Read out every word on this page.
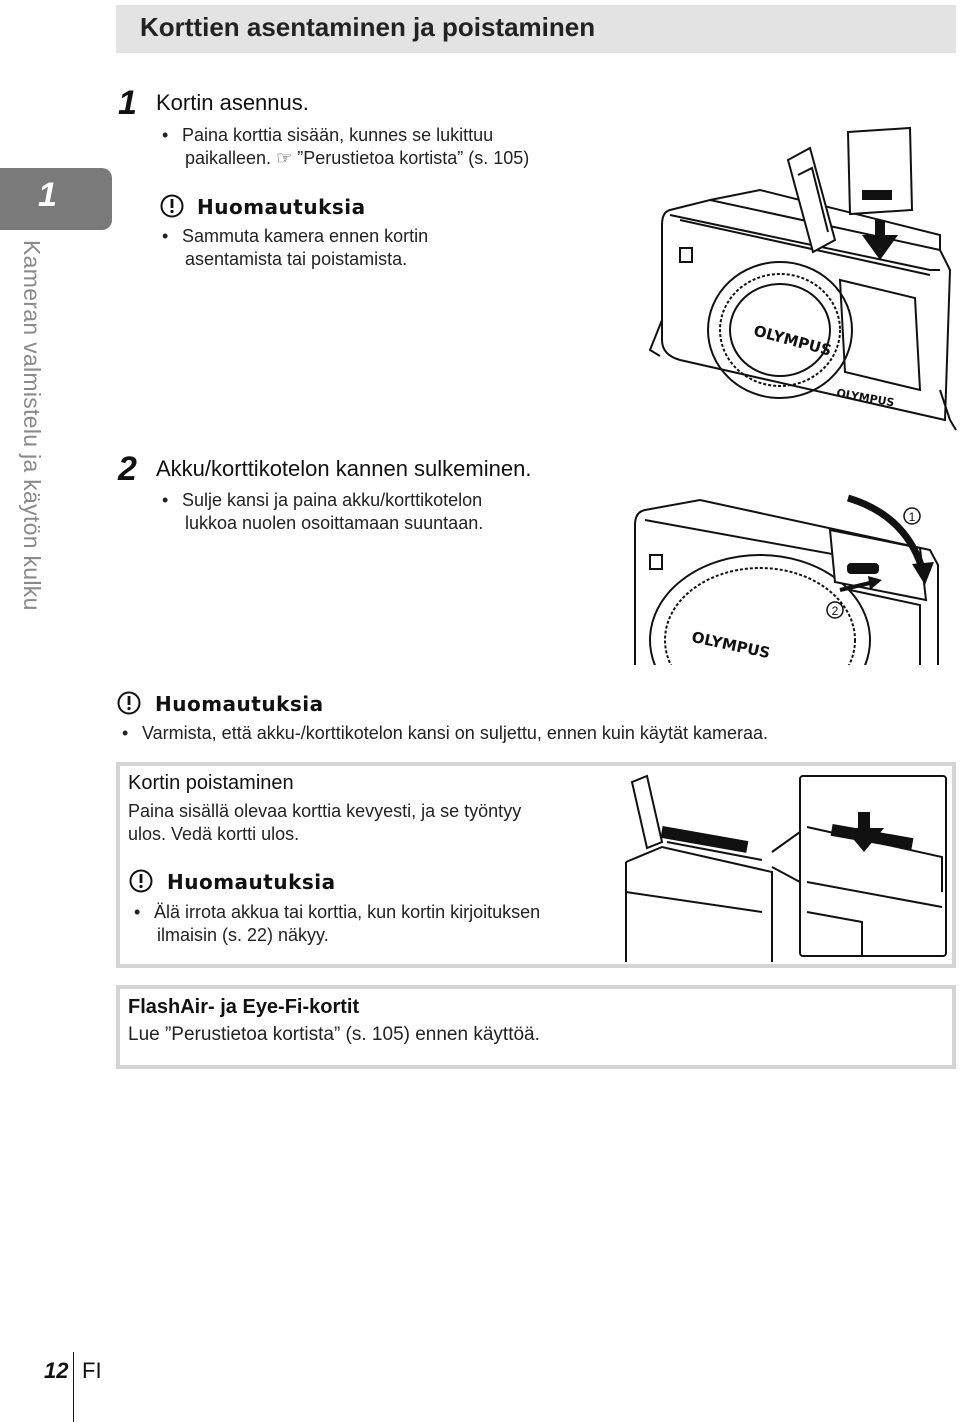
Korttien asentaminen ja poistaminen
1
Kameran valmistelu ja käytön kulku
1 Kortin asennus.
• Paina korttia sisään, kunnes se lukittuu
paikalleen. ☞ ”Perustietoa kortista” (s. 105)
Huomautuksia
• Sammuta kamera ennen kortin
asentamista tai poistamista.
OLYMPUS
OLYMPUS
2 Akku/korttikotelon kannen sulkeminen.
• Sulje kansi ja paina akku/korttikotelon
lukkoa nuolen osoittamaan suuntaan.	1
2
OLYMPUS
Huomautuksia
• Varmista, että akku-/korttikotelon kansi on suljettu, ennen kuin käytät kameraa.
Kortin poistaminen
Paina sisällä olevaa korttia kevyesti, ja se työntyy
ulos. Vedä kortti ulos.
Huomautuksia
• Älä irrota akkua tai korttia, kun kortin kirjoituksen
ilmaisin (s. 22) näkyy.
FlashAir- ja Eye-Fi-kortit
Lue ”Perustietoa kortista” (s. 105) ennen käyttöä.
12 FI
